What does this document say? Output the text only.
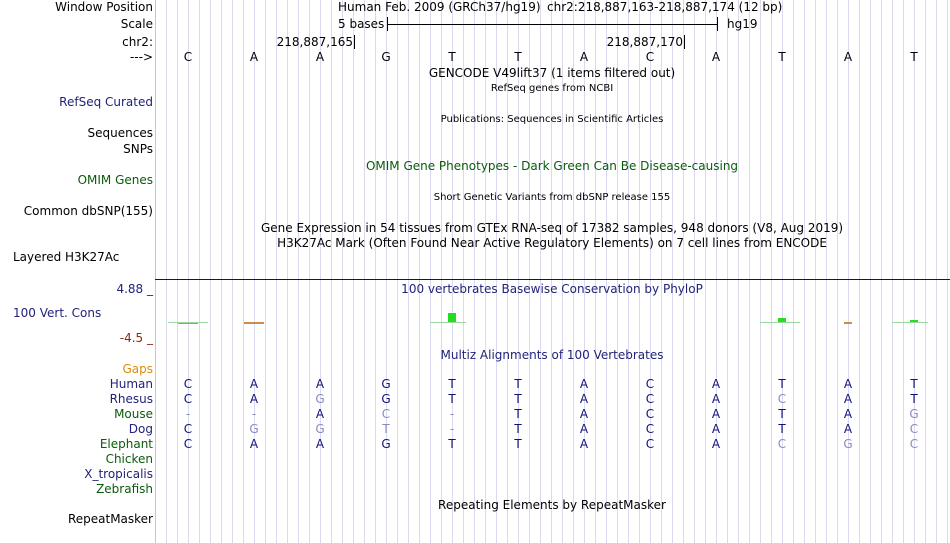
Window Position	Human Feb. 2009 (GRCh37/hg19) chr2:218,887,163-218,887,174 (12 bp)
Scale	5 bases	hg19
chr2:	218,887,165	218,887,170
--->	C	A	A	G	T	T	A	C	A	T	A	T
GENCODE V49lift37 (1 items filtered out)
RefSeq genes from NCBI
RefSeq Curated
Publications: Sequences in Scientific Articles
Sequences
SNPs
OMIM Gene Phenotypes - Dark Green Can Be Disease-causing
OMIM Genes
Short Genetic Variants from dbSNP release 155
Common dbSNP(155)
Gene Expression in 54 tissues from GTEx RNA-seq of 17382 samples, 948 donors (V8, Aug 2019)
H3K27Ac Mark (Often Found Near Active Regulatory Elements) on 7 cell lines from ENCODE
Layered H3K27Ac
100 vertebrates Basewise Conservation by PhyloP
4.88 _
100 Vert. Cons
-4.5 _
Multiz Alignments of 100 Vertebrates
Gaps
Human	C	A	A	G	T	T	A	C	A	T	A	T
Rhesus	C	A	G	G	T	T	A	C	A	C	A	T
Mouse	-	-	A	C	-	T	A	C	A	T	A	G
Dog	C	G	G	T	-	T	A	C	A	T	A	C
Elephant	C	A	A	G	T	T	A	C	A	C	G	C
Chicken
X_tropicalis
Zebrafish
Repeating Elements by RepeatMasker
RepeatMasker
